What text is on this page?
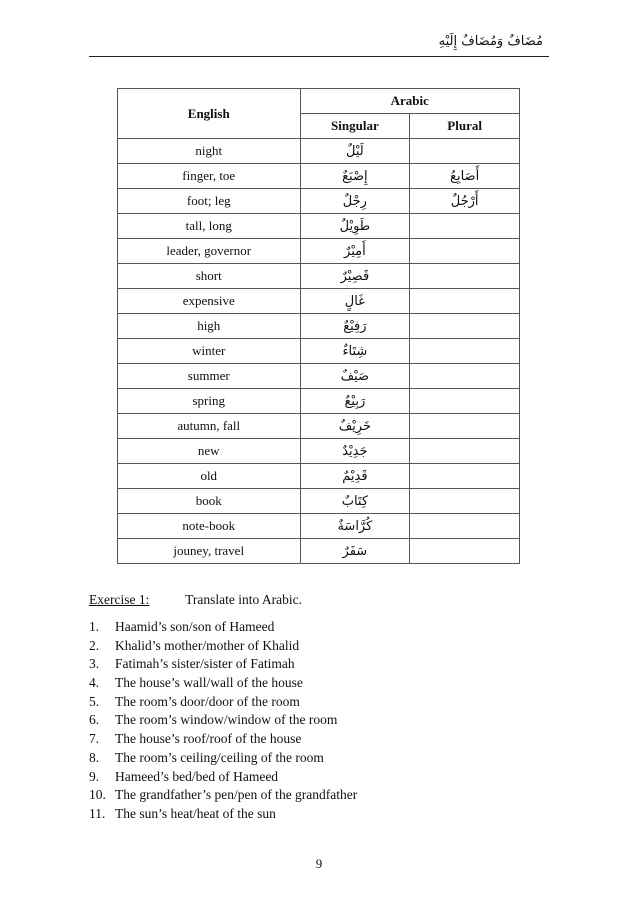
مُضَافٌ وَمُضَافٌ إِلَيْهِ
English	Arabic	
	Singular	Plural
night	لَيْلٌ	
finger, toe	إِصْبَعٌ	أَصَابِعُ
foot; leg	رِجْلٌ	أَرْجُلٌ
tall, long	طَوِيْلٌ	
leader, governor	أَمِيْرٌ	
short	قَصِيْرٌ	
expensive	غَالٍ	
high	رَفِيْعٌ	
winter	شِتَاءٌ	
summer	صَيْفٌ	
spring	رَبِيْعٌ	
autumn, fall	خَرِيْفٌ	
new	جَدِيْدٌ	
old	قَدِيْمٌ	
book	كِتَابٌ	
note-book	كُرَّاسَةٌ	
jouney, travel	سَفَرٌ	
Exercise 1:	Translate into Arabic.
1. Haamid’s son/son of Hameed
2. Khalid’s mother/mother of Khalid
3. Fatimah’s sister/sister of Fatimah
4. The house’s wall/wall of the house
5. The room’s door/door of the room
6. The room’s window/window of the room
7. The house’s roof/roof of the house
8. The room’s ceiling/ceiling of the room
9. Hameed’s bed/bed of Hameed
10. The grandfather’s pen/pen of the grandfather
11. The sun’s heat/heat of the sun
9
